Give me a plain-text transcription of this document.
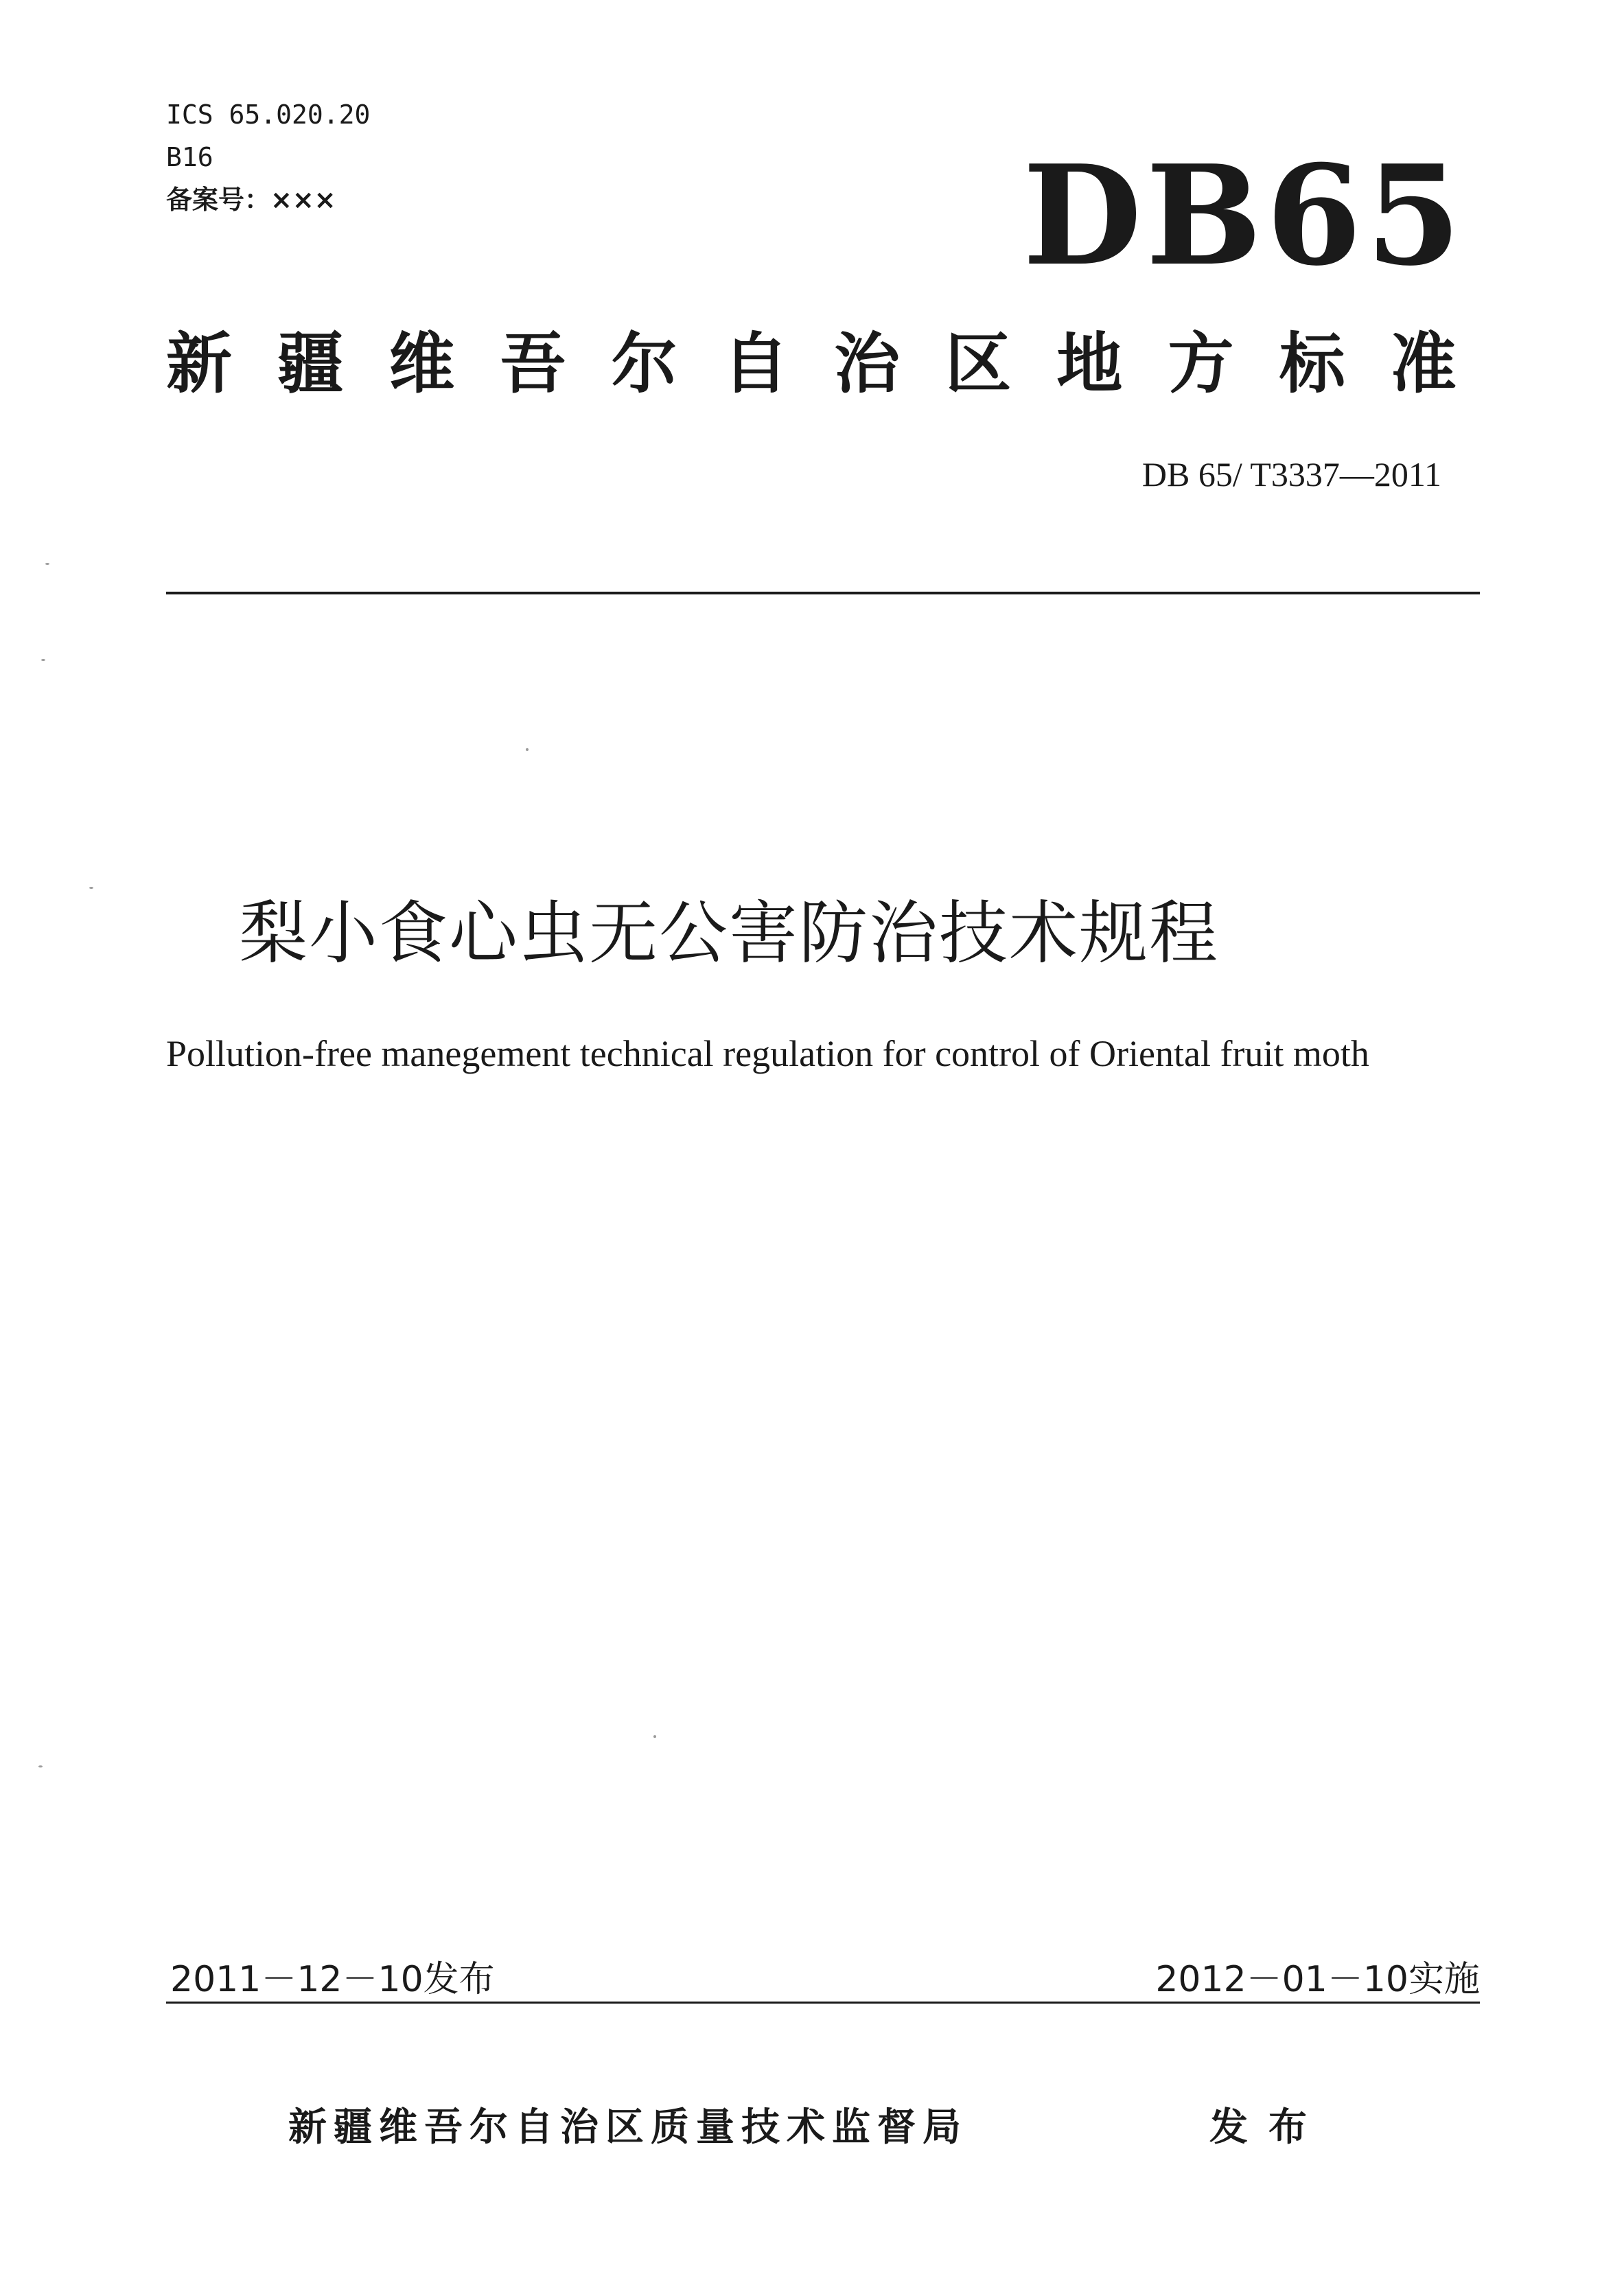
ICS 65.020.20
B16
备案号：×××	DB65
新 疆 维 吾 尔 自 治 区 地 方 标 准
DB 65/ T3337—2011
梨小食心虫无公害防治技术规程
Pollution-free manegement technical regulation for control of Oriental fruit moth
2011－12－10发布	2012－01－10实施
新疆维吾尔自治区质量技术监督局	发布
